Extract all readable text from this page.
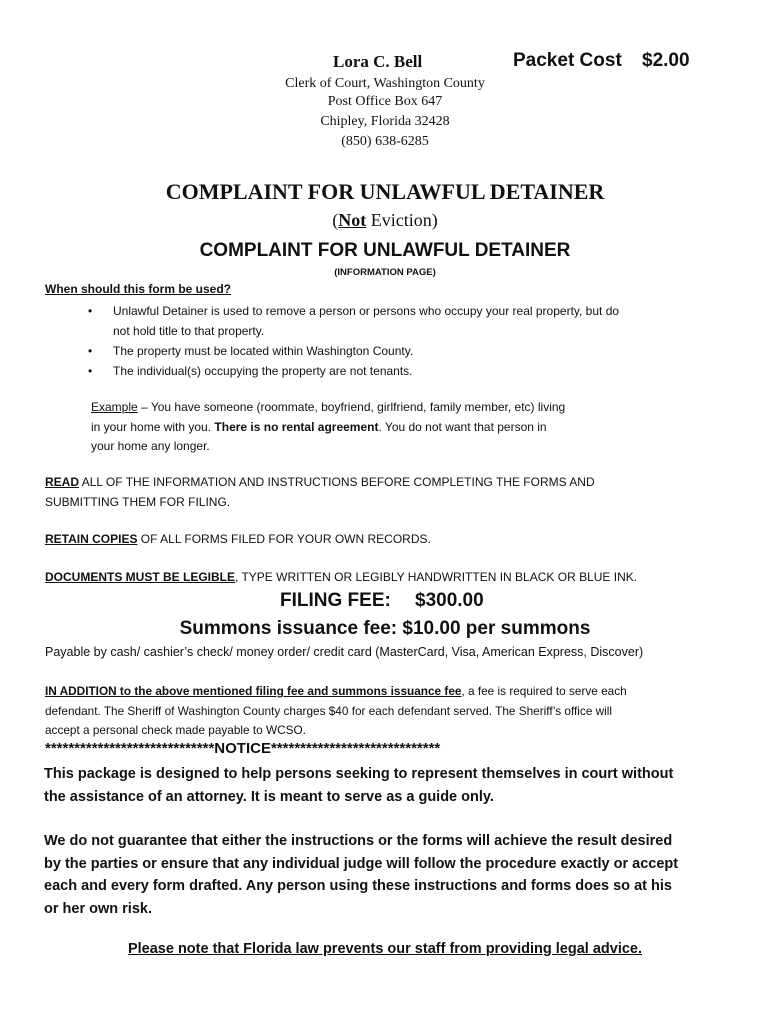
Lora C. Bell	Packet Cost $2.00
Clerk of Court, Washington County
Post Office Box 647
Chipley, Florida 32428
(850) 638-6285
COMPLAINT FOR UNLAWFUL DETAINER
(Not Eviction)
COMPLAINT FOR UNLAWFUL DETAINER
(INFORMATION PAGE)
When should this form be used?
• Unlawful Detainer is used to remove a person or persons who occupy your real property, but do
not hold title to that property.
• The property must be located within Washington County.
• The individual(s) occupying the property are not tenants.
Example – You have someone (roommate, boyfriend, girlfriend, family member, etc) living
in your home with you. There is no rental agreement. You do not want that person in
your home any longer.
READ ALL OF THE INFORMATION AND INSTRUCTIONS BEFORE COMPLETING THE FORMS AND
SUBMITTING THEM FOR FILING.
RETAIN COPIES OF ALL FORMS FILED FOR YOUR OWN RECORDS.
DOCUMENTS MUST BE LEGIBLE, TYPE WRITTEN OR LEGIBLY HANDWRITTEN IN BLACK OR BLUE INK.
FILING FEE: $300.00
Summons issuance fee: $10.00 per summons
Payable by cash/ cashier’s check/ money order/ credit card (MasterCard, Visa, American Express, Discover)
IN ADDITION to the above mentioned filing fee and summons issuance fee, a fee is required to serve each
defendant. The Sheriff of Washington County charges $40 for each defendant served. The Sheriff’s office will
accept a personal check made payable to WCSO.
*****************************NOTICE*****************************
This package is designed to help persons seeking to represent themselves in court without
the assistance of an attorney. It is meant to serve as a guide only.
We do not guarantee that either the instructions or the forms will achieve the result desired
by the parties or ensure that any individual judge will follow the procedure exactly or accept
each and every form drafted. Any person using these instructions and forms does so at his
or her own risk.
Please note that Florida law prevents our staff from providing legal advice.
